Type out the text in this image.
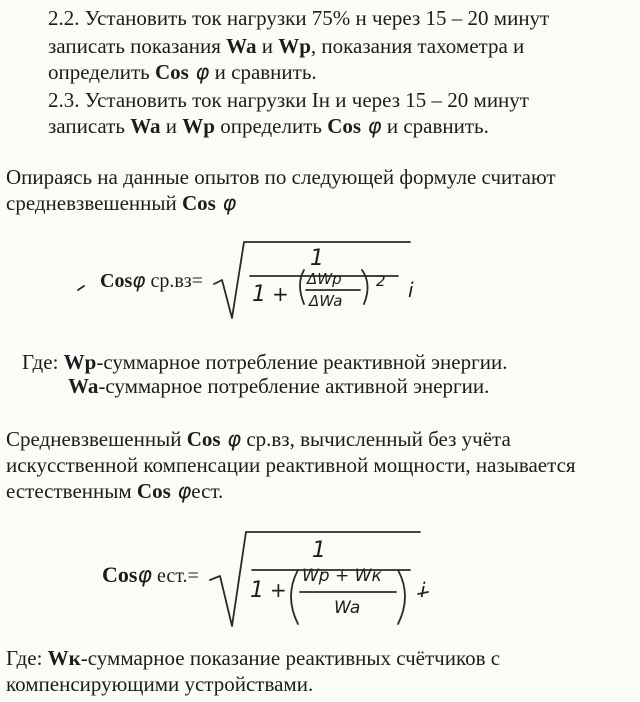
2.2. Установить ток нагрузки 75% н через 15 – 20 минут
записать показания Wa и Wp, показания тахометра и
определить Cos φ и сравнить.
2.3. Установить ток нагрузки Iн и через 15 – 20 минут
записать Wa и Wp определить Cos φ и сравнить.
Опираясь на данные опытов по следующей формуле считают
средневзвешенный Cos φ
Cosφ ср.вз=
1
1 +
ΔWp
ΔWa
2 i
Где: Wp-суммарное потребление реактивной энергии.
Wa-суммарное потребление активной энергии.
Средневзвешенный Cos φ ср.вз, вычисленный без учёта
искусственной компенсации реактивной мощности, называется
естественным Cos φест.
Cosφ ест.=
1
1 +
Wp + Wк
Wa
i
Где: Wк-суммарное показание реактивных счётчиков с
компенсирующими устройствами.
